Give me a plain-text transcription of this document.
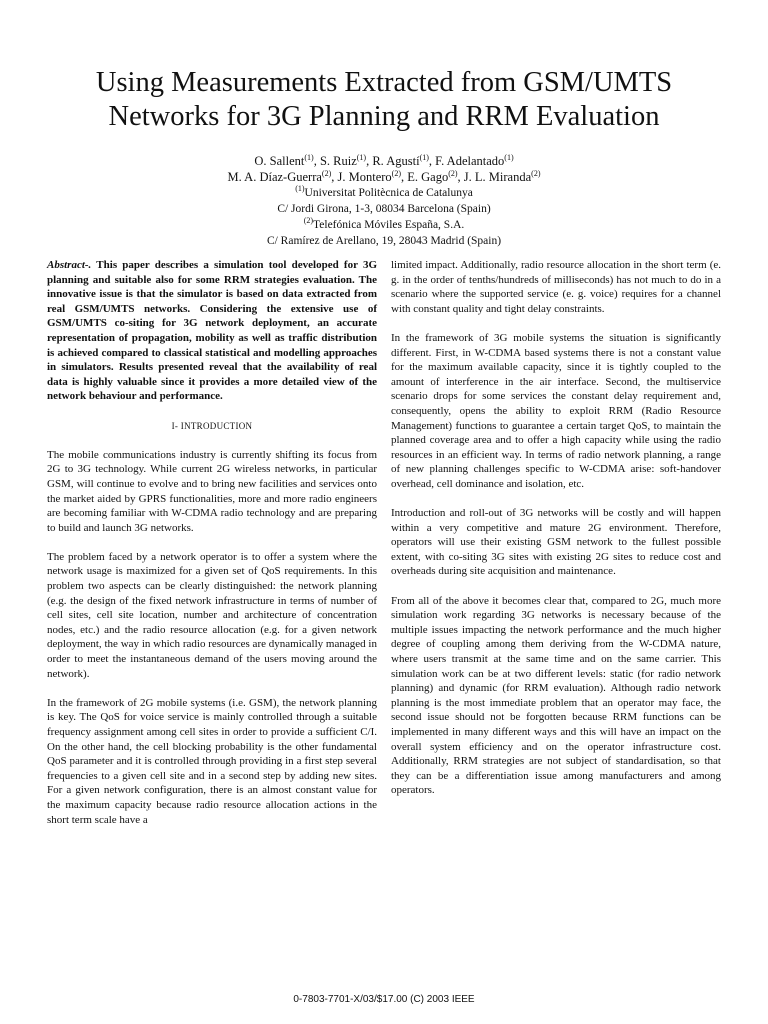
Using Measurements Extracted from GSM/UMTS
Networks for 3G Planning and RRM Evaluation
O. Sallent$^{(1)}$, S. Ruiz$^{(1)}$, R. Agustí$^{(1)}$, F. Adelantado$^{(1)}$
M. A. Díaz-Guerra$^{(2)}$, J. Montero$^{(2)}$, E. Gago$^{(2)}$, J. L. Miranda$^{(2)}$
$^{(1)}$Universitat Politècnica de Catalunya
C/ Jordi Girona, 1-3, 08034 Barcelona (Spain)
$^{(2)}$Telefónica Móviles España, S.A.
C/ Ramírez de Arellano, 19, 28043 Madrid (Spain)

Abstract-. This paper describes a simulation tool developed for 3G planning and suitable also for some RRM strategies evaluation. The innovative issue is that the simulator is based on data extracted from real GSM/UMTS networks. Considering the extensive use of GSM/UMTS co-siting for 3G network deployment, an accurate representation of propagation, mobility as well as traffic distribution is achieved compared to classical statistical and modelling approaches in simulators. Results presented reveal that the availability of real data is highly valuable since it provides a more detailed view of the network behaviour and performance.

I- INTRODUCTION

The mobile communications industry is currently shifting its focus from 2G to 3G technology. While current 2G wireless networks, in particular GSM, will continue to evolve and to bring new facilities and services onto the market aided by GPRS functionalities, more and more radio engineers are becoming familiar with W-CDMA radio technology and are preparing to build and launch 3G networks.

The problem faced by a network operator is to offer a system where the network usage is maximized for a given set of QoS requirements. In this problem two aspects can be clearly distinguished: the network planning (e.g. the design of the fixed network infrastructure in terms of number of cell sites, cell site location, number and architecture of concentration nodes, etc.) and the radio resource allocation (e.g. for a given network deployment, the way in which radio resources are dynamically managed in order to meet the instantaneous demand of the users moving around the network).

In the framework of 2G mobile systems (i.e. GSM), the network planning is key. The QoS for voice service is mainly controlled through a suitable frequency assignment among cell sites in order to provide a sufficient C/I. On the other hand, the cell blocking probability is the other fundamental QoS parameter and it is controlled through providing in a first step several frequencies to a given cell site and in a second step by adding new sites. For a given network configuration, there is an almost constant value for the maximum capacity because radio resource allocation actions in the short term scale have a

limited impact. Additionally, radio resource allocation in the short term (e. g. in the order of tenths/hundreds of milliseconds) has not much to do in a scenario where the supported service (e. g. voice) requires for a channel with constant quality and tight delay constraints.

In the framework of 3G mobile systems the situation is significantly different. First, in W-CDMA based systems there is not a constant value for the maximum available capacity, since it is tightly coupled to the amount of interference in the air interface. Second, the multiservice scenario drops for some services the constant delay requirement and, consequently, opens the ability to exploit RRM (Radio Resource Management) functions to guarantee a certain target QoS, to maintain the planned coverage area and to offer a high capacity while using the radio resources in an efficient way. In terms of radio network planning, a range of new planning challenges specific to W-CDMA arise: soft-handover overhead, cell dominance and isolation, etc.

Introduction and roll-out of 3G networks will be costly and will happen within a very competitive and mature 2G environment. Therefore, operators will use their existing GSM network to the fullest possible extent, with co-siting 3G sites with existing 2G sites to reduce cost and overheads during site acquisition and maintenance.

From all of the above it becomes clear that, compared to 2G, much more simulation work regarding 3G networks is necessary because of the multiple issues impacting the network performance and the much higher degree of coupling among them deriving from the W-CDMA nature, where users transmit at the same time and on the same carrier. This simulation work can be at two different levels: static (for radio network planning) and dynamic (for RRM evaluation). Although radio network planning is the most immediate problem that an operator may face, the second issue should not be forgotten because RRM functions can be implemented in many different ways and this will have an impact on the overall system efficiency and on the operator infrastructure cost. Additionally, RRM strategies are not subject of standardisation, so that they can be a differentiation issue among manufacturers and among operators.

0-7803-7701-X/03/$17.00 (C) 2003 IEEE
